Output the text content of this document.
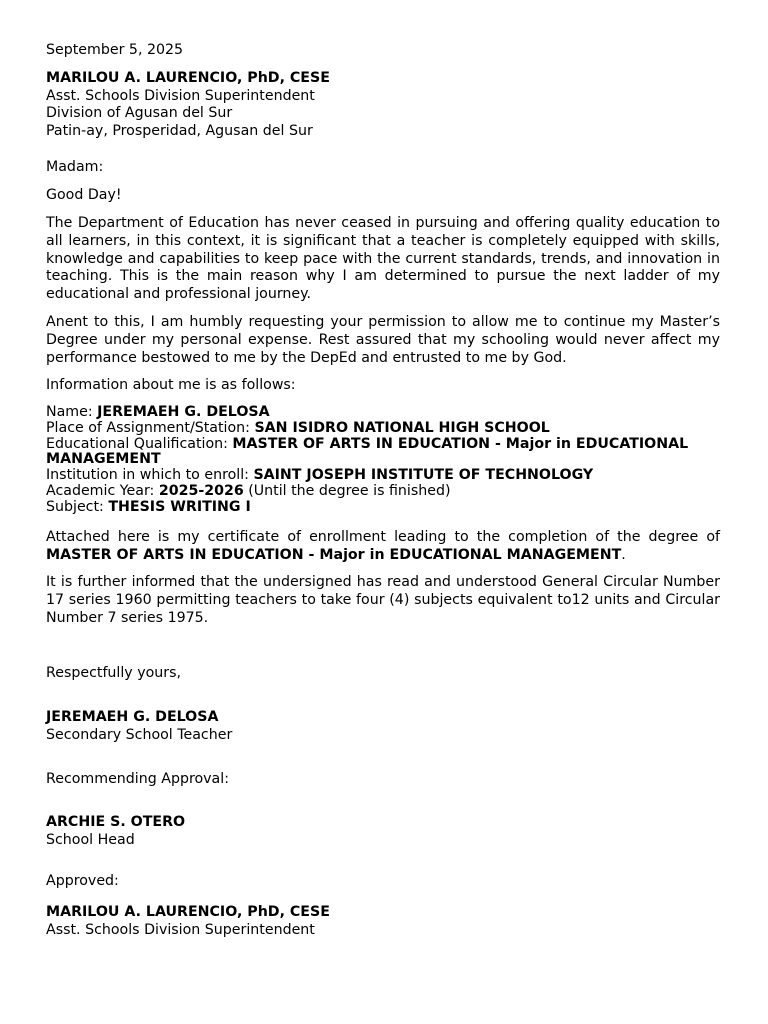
September 5, 2025

MARILOU A. LAURENCIO, PhD, CESE

Asst. Schools Division Superintendent

Division of Agusan del Sur

Patin-ay, Prosperidad, Agusan del Sur

Madam:
Good Day!
The Department of Education has never ceased in pursuing and offering quality education to all learners, in this context, it is significant that a teacher is completely equipped with skills, knowledge and capabilities to keep pace with the current standards, trends, and innovation in teaching. This is the main reason why I am determined to pursue the next ladder of my educational and professional journey.
Anent to this, I am humbly requesting your permission to allow me to continue my Master’s Degree under my personal expense. Rest assured that my schooling would never affect my performance bestowed to me by the DepEd and entrusted to me by God.
Information about me is as follows:

Name: JEREMAEH G. DELOSA

Place of Assignment/Station: SAN ISIDRO NATIONAL HIGH SCHOOL

Educational Qualification: MASTER OF ARTS IN EDUCATION - Major in EDUCATIONAL MANAGEMENT

Institution in which to enroll: SAINT JOSEPH INSTITUTE OF TECHNOLOGY

Academic Year: 2025-2026 (Until the degree is finished)

Subject: THESIS WRITING I

Attached here is my certificate of enrollment leading to the completion of the degree of MASTER OF ARTS IN EDUCATION - Major in EDUCATIONAL MANAGEMENT.
It is further informed that the undersigned has read and understood General Circular Number 17 series 1960 permitting teachers to take four (4) subjects equivalent to12 units and Circular Number 7 series 1975.
Respectfully yours,

JEREMAEH G. DELOSA

Secondary School Teacher

Recommending Approval:

ARCHIE S. OTERO

School Head

Approved:

MARILOU A. LAURENCIO, PhD, CESE

Asst. Schools Division Superintendent
